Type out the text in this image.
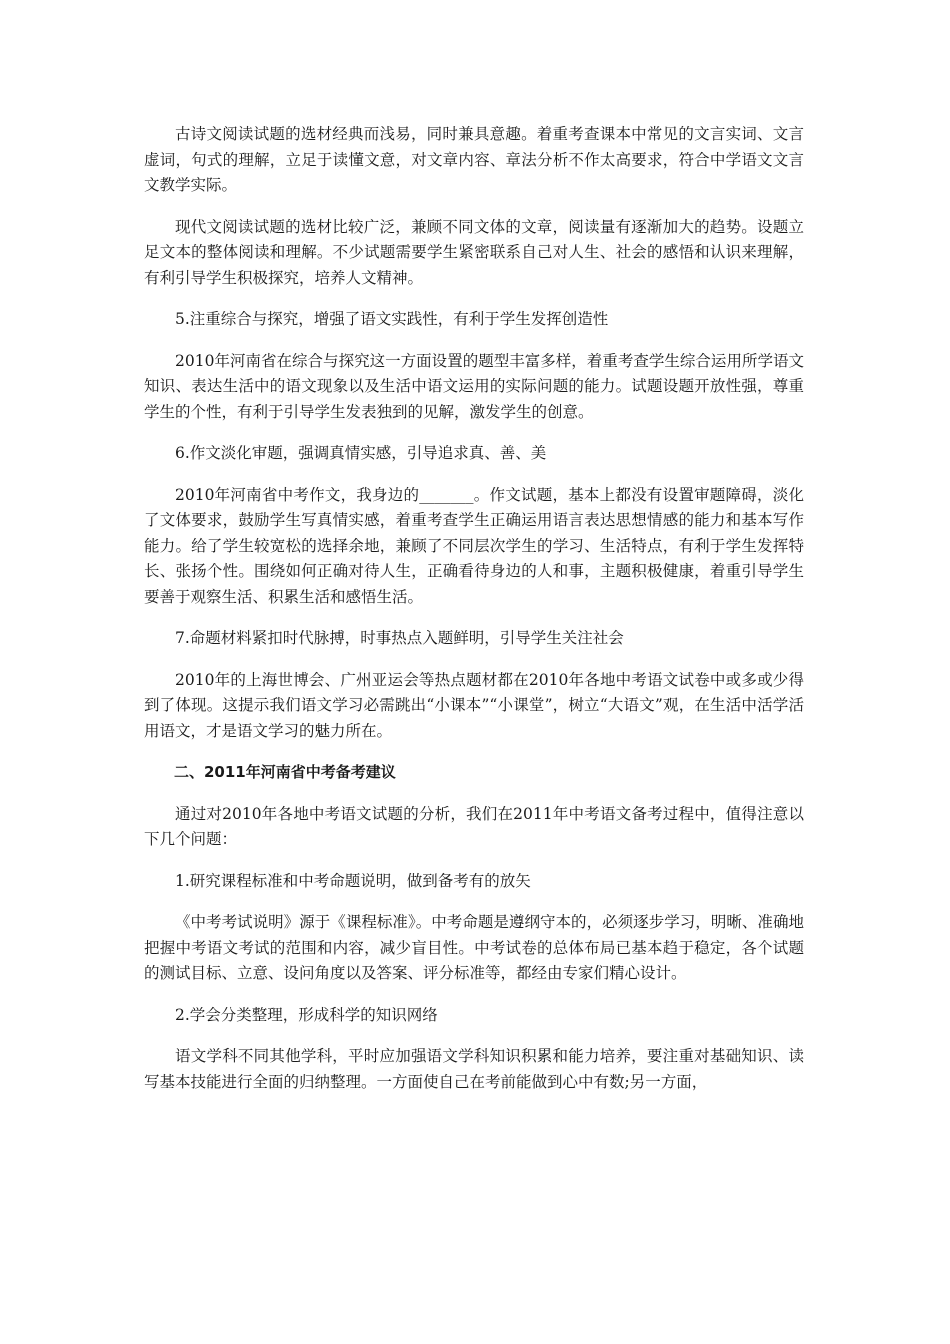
古诗文阅读试题的选材经典而浅易，同时兼具意趣。着重考查课本中常见的文言实词、文言虚词，句式的理解，立足于读懂文意，对文章内容、章法分析不作太高要求，符合中学语文文言文教学实际。

现代文阅读试题的选材比较广泛，兼顾不同文体的文章，阅读量有逐渐加大的趋势。设题立足文本的整体阅读和理解。不少试题需要学生紧密联系自己对人生、社会的感悟和认识来理解，有利引导学生积极探究，培养人文精神。

5.注重综合与探究，增强了语文实践性，有利于学生发挥创造性

2010年河南省在综合与探究这一方面设置的题型丰富多样，着重考查学生综合运用所学语文知识、表达生活中的语文现象以及生活中语文运用的实际问题的能力。试题设题开放性强，尊重学生的个性，有利于引导学生发表独到的见解，激发学生的创意。

6.作文淡化审题，强调真情实感，引导追求真、善、美

2010年河南省中考作文，我身边的_______。作文试题，基本上都没有设置审题障碍，淡化了文体要求，鼓励学生写真情实感，着重考查学生正确运用语言表达思想情感的能力和基本写作能力。给了学生较宽松的选择余地，兼顾了不同层次学生的学习、生活特点，有利于学生发挥特长、张扬个性。围绕如何正确对待人生，正确看待身边的人和事，主题积极健康，着重引导学生要善于观察生活、积累生活和感悟生活。

7.命题材料紧扣时代脉搏，时事热点入题鲜明，引导学生关注社会

2010年的上海世博会、广州亚运会等热点题材都在2010年各地中考语文试卷中或多或少得到了体现。这提示我们语文学习必需跳出“小课本”“小课堂”，树立“大语文”观，在生活中活学活用语文，才是语文学习的魅力所在。

二、2011年河南省中考备考建议

通过对2010年各地中考语文试题的分析，我们在2011年中考语文备考过程中，值得注意以下几个问题：

1.研究课程标准和中考命题说明，做到备考有的放矢

《中考考试说明》源于《课程标准》。中考命题是遵纲守本的，必须逐步学习，明晰、准确地把握中考语文考试的范围和内容，减少盲目性。中考试卷的总体布局已基本趋于稳定，各个试题的测试目标、立意、设问角度以及答案、评分标准等，都经由专家们精心设计。

2.学会分类整理，形成科学的知识网络

语文学科不同其他学科，平时应加强语文学科知识积累和能力培养，要注重对基础知识、读写基本技能进行全面的归纳整理。一方面使自己在考前能做到心中有数;另一方面，
